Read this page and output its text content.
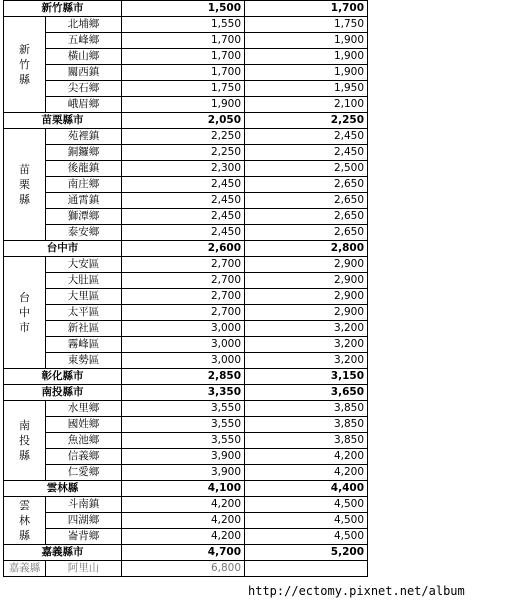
新竹縣市		1,500	1,700

新竹縣	北埔鄉	1,550	1,750
	五峰鄉	1,700	1,900
	橫山鄉	1,700	1,900
	關西鎮	1,700	1,900
	尖石鄉	1,750	1,950
	峨眉鄉	1,900	2,100
苗栗縣市		2,050	2,250

苗栗縣	苑裡鎮	2,250	2,450
	銅鑼鄉	2,250	2,450
	後龍鎮	2,300	2,500
	南庄鄉	2,450	2,650
	通霄鎮	2,450	2,650
	獅潭鄉	2,450	2,650
	泰安鄉	2,450	2,650
台中市		2,600	2,800

台中市	大安區	2,700	2,900
	大肚區	2,700	2,900
	大里區	2,700	2,900
	太平區	2,700	2,900
	新社區	3,000	3,200
	霧峰區	3,000	3,200
	東勢區	3,000	3,200
彰化縣市		2,850	3,150
南投縣市		3,350	3,650

南投縣	水里鄉	3,550	3,850
	國姓鄉	3,550	3,850
	魚池鄉	3,550	3,850
	信義鄉	3,900	4,200
	仁愛鄉	3,900	4,200
雲林縣		4,100	4,400

雲林縣	斗南鎮	4,200	4,500
	四湖鄉	4,200	4,500
	崙背鄉	4,200	4,500
嘉義縣市		4,700	5,200
嘉義縣	阿里山	6,800	
http://ectomy.pixnet.net/album
